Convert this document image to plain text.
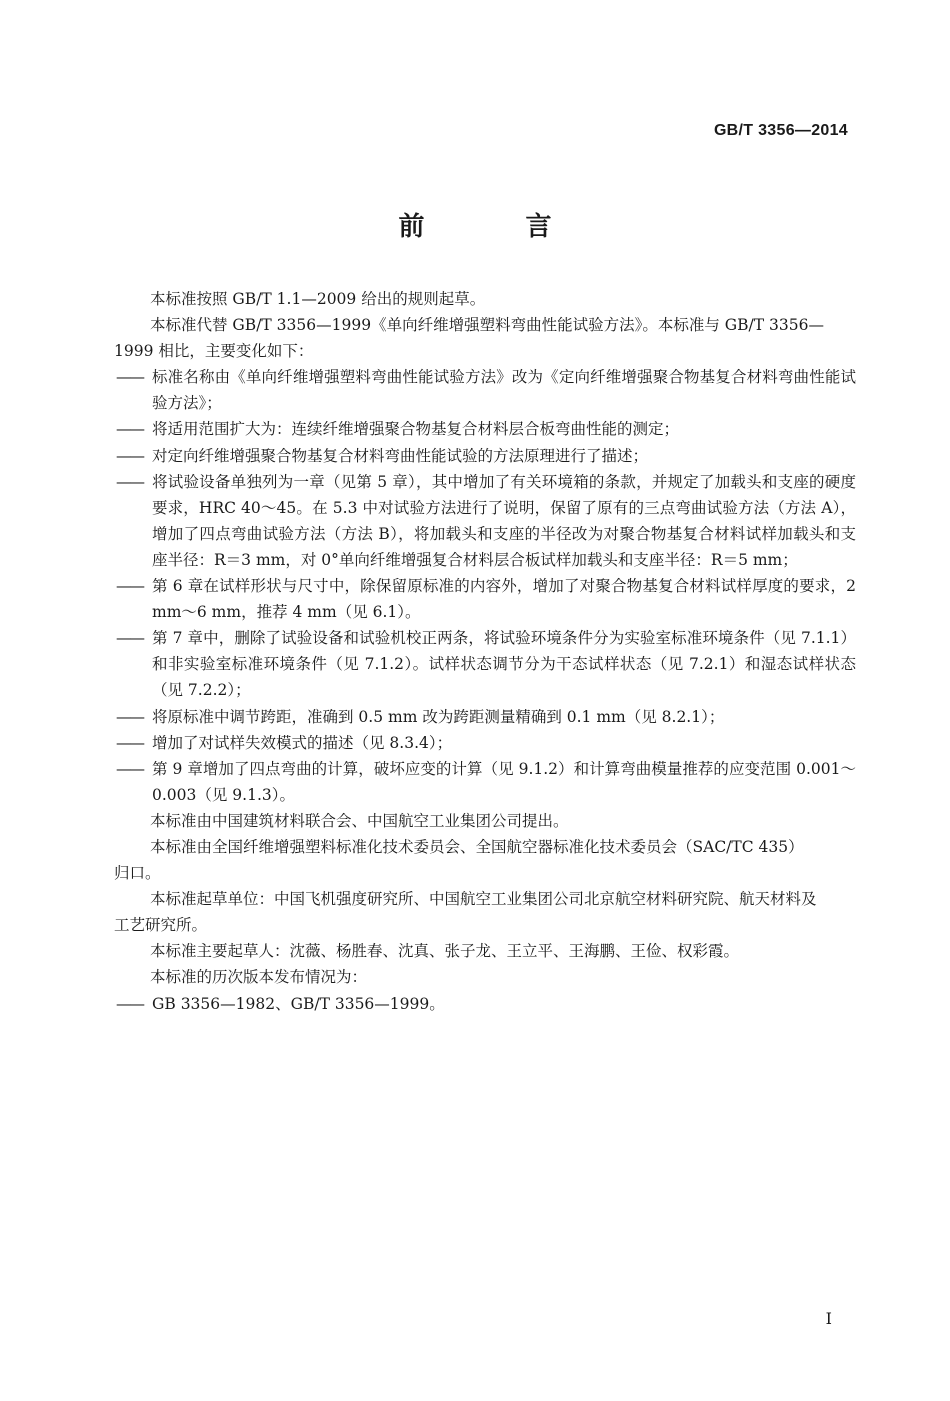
GB/T 3356—2014
前 言

本标准按照 GB/T 1.1—2009 给出的规则起草。

本标准代替 GB/T 3356—1999《单向纤维增强塑料弯曲性能试验方法》。本标准与 GB/T 3356—

1999 相比，主要变化如下：

—— 标准名称由《单向纤维增强塑料弯曲性能试验方法》改为《定向纤维增强聚合物基复合材料弯曲性能试验方法》；
—— 将适用范围扩大为：连续纤维增强聚合物基复合材料层合板弯曲性能的测定；
—— 对定向纤维增强聚合物基复合材料弯曲性能试验的方法原理进行了描述；
—— 将试验设备单独列为一章（见第 5 章），其中增加了有关环境箱的条款，并规定了加载头和支座的硬度要求，HRC 40～45。在 5.3 中对试验方法进行了说明，保留了原有的三点弯曲试验方法（方法 A），增加了四点弯曲试验方法（方法 B），将加载头和支座的半径改为对聚合物基复合材料试样加载头和支座半径：R＝3 mm，对 0°单向纤维增强复合材料层合板试样加载头和支座半径：R＝5 mm；
—— 第 6 章在试样形状与尺寸中，除保留原标准的内容外，增加了对聚合物基复合材料试样厚度的要求，2 mm～6 mm，推荐 4 mm（见 6.1）。
—— 第 7 章中，删除了试验设备和试验机校正两条，将试验环境条件分为实验室标准环境条件（见 7.1.1）和非实验室标准环境条件（见 7.1.2）。试样状态调节分为干态试样状态（见 7.2.1）和湿态试样状态（见 7.2.2）；
—— 将原标准中调节跨距，准确到 0.5 mm 改为跨距测量精确到 0.1 mm（见 8.2.1）；
—— 增加了对试样失效模式的描述（见 8.3.4）；
—— 第 9 章增加了四点弯曲的计算，破坏应变的计算（见 9.1.2）和计算弯曲模量推荐的应变范围 0.001～0.003（见 9.1.3）。

本标准由中国建筑材料联合会、中国航空工业集团公司提出。

本标准由全国纤维增强塑料标准化技术委员会、全国航空器标准化技术委员会（SAC/TC 435）

归口。

本标准起草单位：中国飞机强度研究所、中国航空工业集团公司北京航空材料研究院、航天材料及

工艺研究所。

本标准主要起草人：沈薇、杨胜春、沈真、张子龙、王立平、王海鹏、王俭、权彩霞。

本标准的历次版本发布情况为：

—— GB 3356—1982、GB/T 3356—1999。
I
